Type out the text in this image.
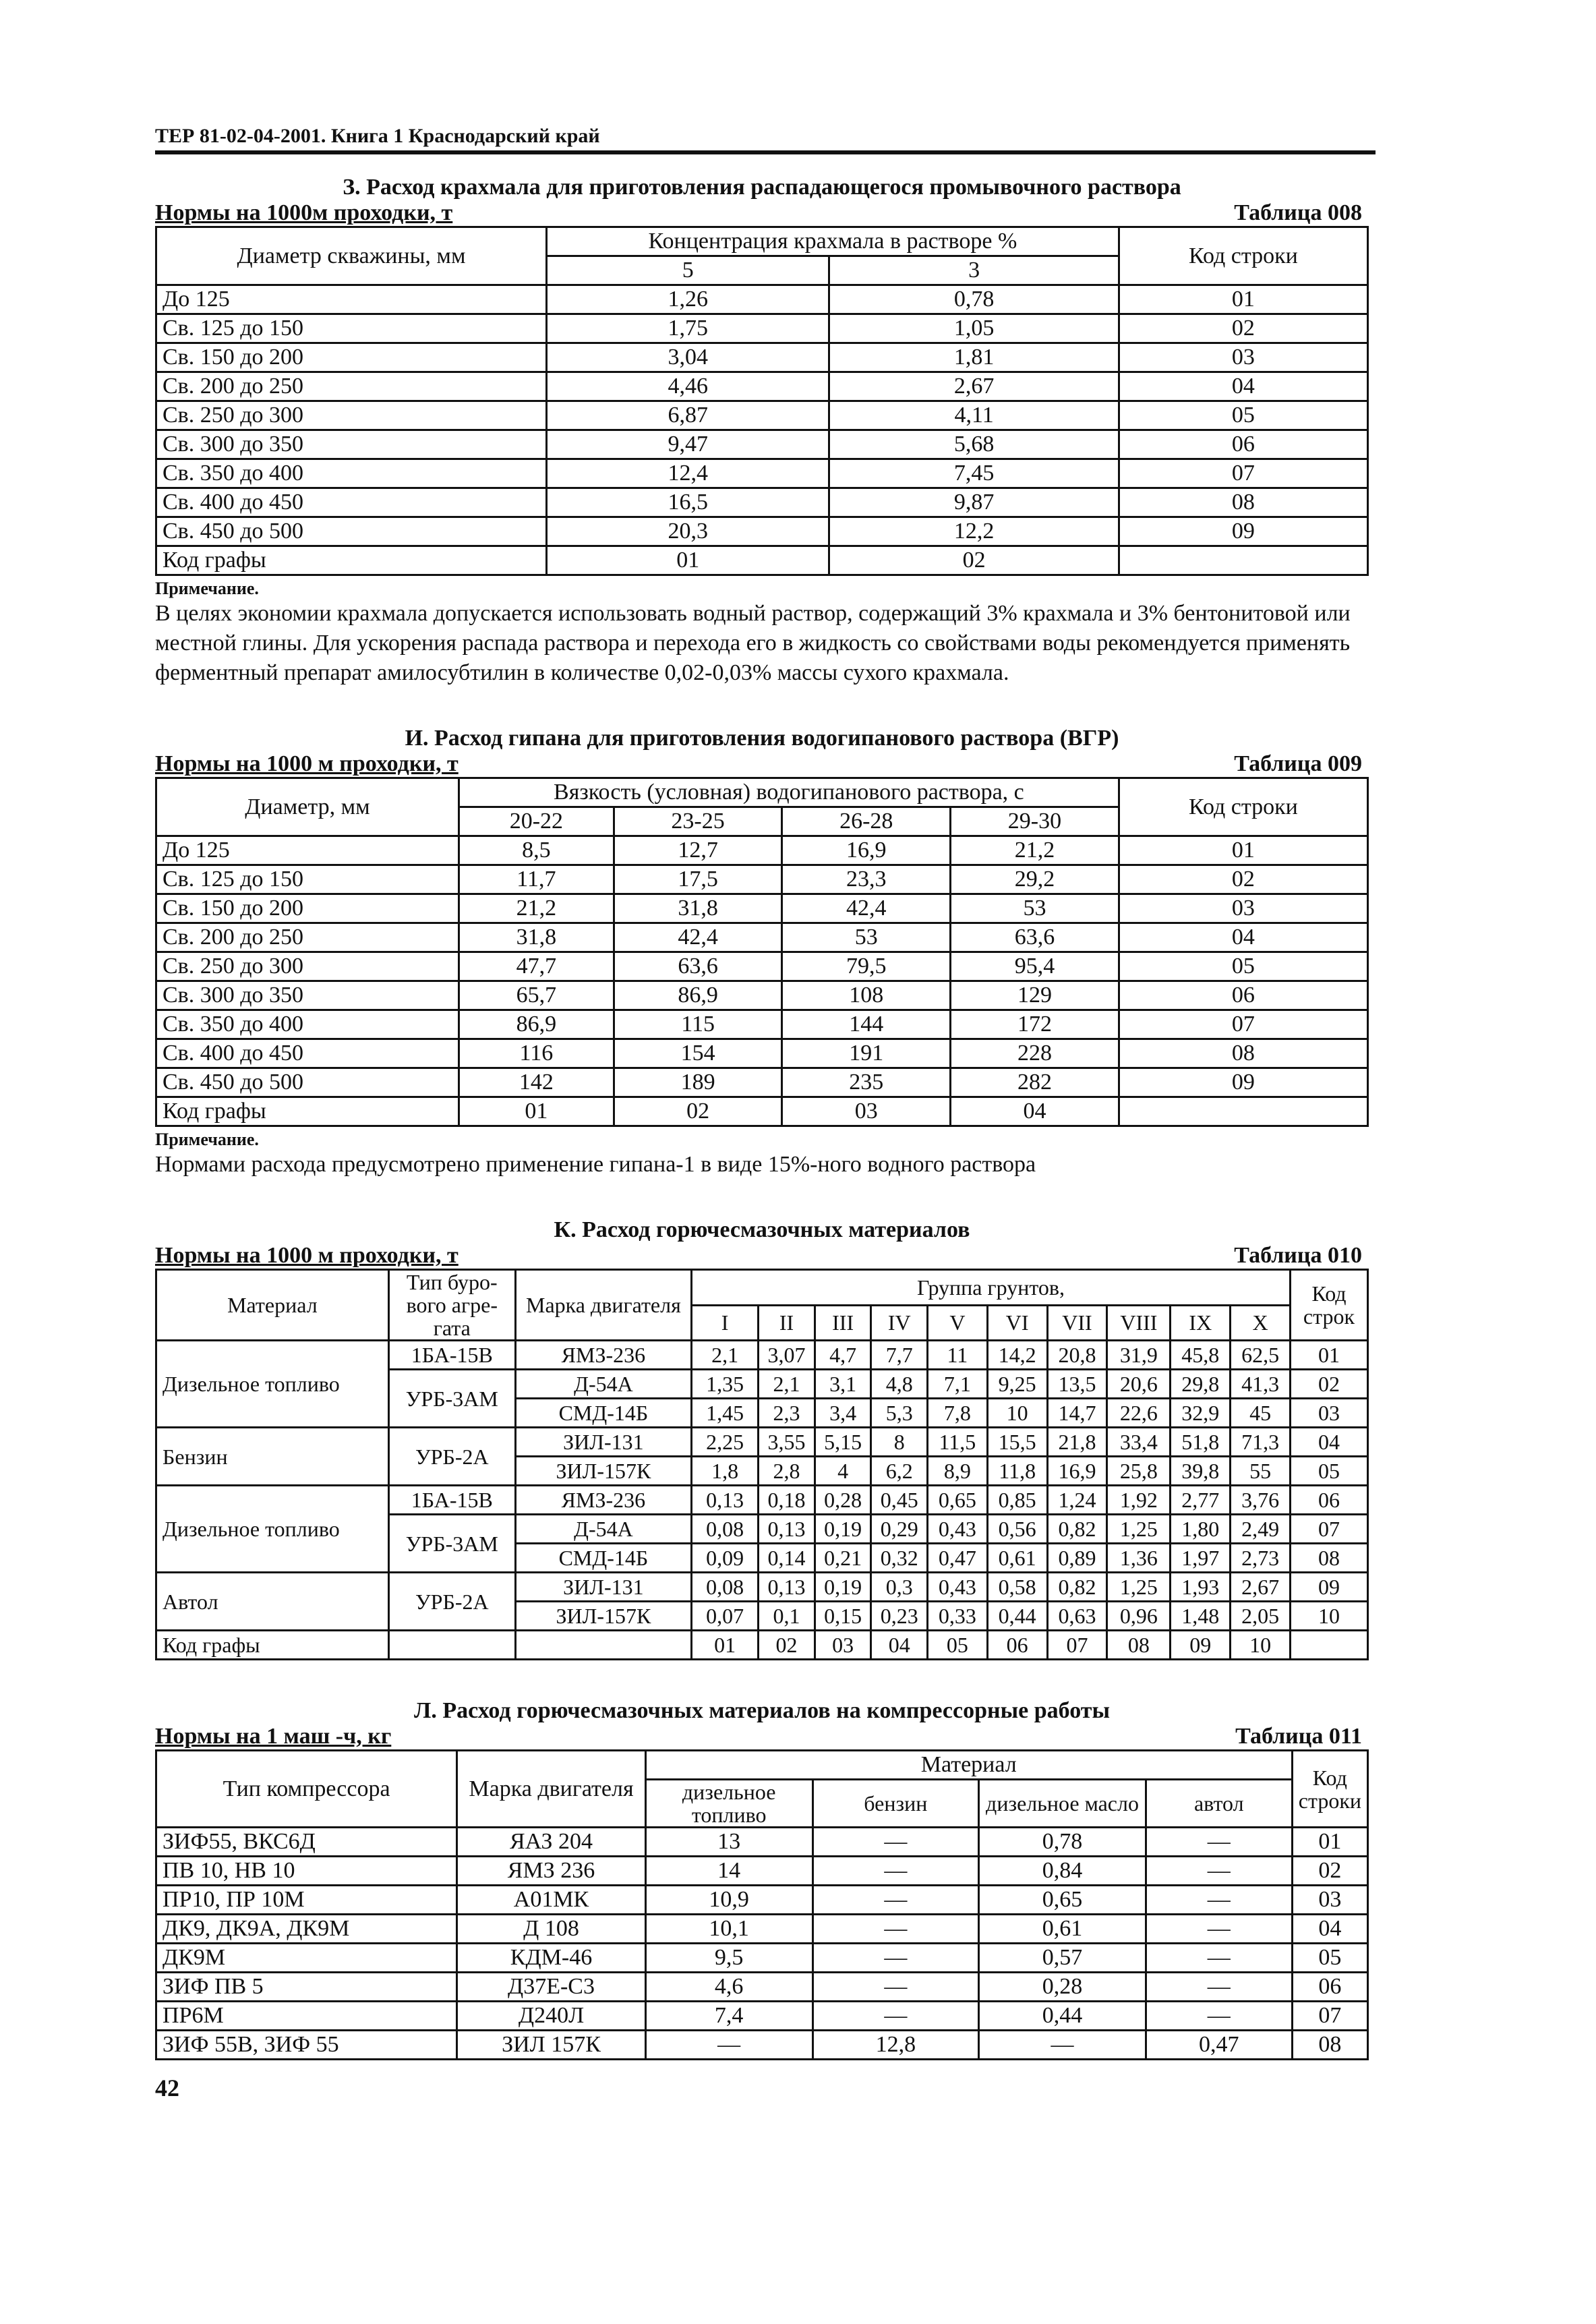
ТЕР 81-02-04-2001. Книга 1 Краснодарский край

З. Расход крахмала для приготовления распадающегося промывочного раствора

Нормы на 1000м проходки, т	Таблица 008
Диаметр скважины, мм	Концентрация крахмала в растворе %		Код строки
	5	3	
До 125	1,26	0,78	01
Св. 125 до 150	1,75	1,05	02
Св. 150 до 200	3,04	1,81	03
Св. 200 до 250	4,46	2,67	04
Св. 250 до 300	6,87	4,11	05
Св. 300 до 350	9,47	5,68	06
Св. 350 до 400	12,4	7,45	07
Св. 400 до 450	16,5	9,87	08
Св. 450 до 500	20,3	12,2	09
Код графы	01	02	
Примечание.
В целях экономии крахмала допускается использовать водный раствор, содержащий 3% крахмала и 3% бентонитовой или местной глины. Для ускорения распада раствора и перехода его в жидкость со свойствами воды рекомендуется применять ферментный препарат амилосубтилин в количестве 0,02-0,03% массы сухого крахмала.

И. Расход гипана для приготовления водогипанового раствора (ВГР)

Нормы на 1000 м проходки, т	Таблица 009
Диаметр, мм	Вязкость (условная) водогипанового раствора, с				Код строки
	20-22	23-25	26-28	29-30	
До 125	8,5	12,7	16,9	21,2	01
Св. 125 до 150	11,7	17,5	23,3	29,2	02
Св. 150 до 200	21,2	31,8	42,4	53	03
Св. 200 до 250	31,8	42,4	53	63,6	04
Св. 250 до 300	47,7	63,6	79,5	95,4	05
Св. 300 до 350	65,7	86,9	108	129	06
Св. 350 до 400	86,9	115	144	172	07
Св. 400 до 450	116	154	191	228	08
Св. 450 до 500	142	189	235	282	09
Код графы	01	02	03	04	
Примечание.
Нормами расхода предусмотрено применение гипана-1 в виде 15%-ного водного раствора

К. Расход горючесмазочных материалов

Нормы на 1000 м проходки, т	Таблица 010
Материал	Тип буро-вого агре-гата	Марка двигателя	Группа грунтов,										Код строк
			I	II	III	IV	V	VI	VII	VIII	IX	X	
Дизельное топливо	1БА-15В	ЯМЗ-236	2,1	3,07	4,7	7,7	11	14,2	20,8	31,9	45,8	62,5	01
	УРБ-3АМ	Д-54А	1,35	2,1	3,1	4,8	7,1	9,25	13,5	20,6	29,8	41,3	02
		СМД-14Б	1,45	2,3	3,4	5,3	7,8	10	14,7	22,6	32,9	45	03
Бензин	УРБ-2А	ЗИЛ-131	2,25	3,55	5,15	8	11,5	15,5	21,8	33,4	51,8	71,3	04
		ЗИЛ-157К	1,8	2,8	4	6,2	8,9	11,8	16,9	25,8	39,8	55	05
Дизельное топливо	1БА-15В	ЯМЗ-236	0,13	0,18	0,28	0,45	0,65	0,85	1,24	1,92	2,77	3,76	06
	УРБ-3АМ	Д-54А	0,08	0,13	0,19	0,29	0,43	0,56	0,82	1,25	1,80	2,49	07
		СМД-14Б	0,09	0,14	0,21	0,32	0,47	0,61	0,89	1,36	1,97	2,73	08
Автол	УРБ-2А	ЗИЛ-131	0,08	0,13	0,19	0,3	0,43	0,58	0,82	1,25	1,93	2,67	09
		ЗИЛ-157К	0,07	0,1	0,15	0,23	0,33	0,44	0,63	0,96	1,48	2,05	10
Код графы			01	02	03	04	05	06	07	08	09	10	

Л. Расход горючесмазочных материалов на компрессорные работы

Нормы на 1 маш -ч, кг	Таблица 011
Тип компрессора	Марка двигателя	Материал				Код строки
		дизельное топливо	бензин	дизельное масло	автол	
ЗИФ55, ВКС6Д	ЯАЗ 204	13	—	0,78	—	01
ПВ 10, НВ 10	ЯМЗ 236	14	—	0,84	—	02
ПР10, ПР 10М	А01МК	10,9	—	0,65	—	03
ДК9, ДК9А, ДК9М	Д 108	10,1	—	0,61	—	04
ДК9М	КДМ-46	9,5	—	0,57	—	05
ЗИФ ПВ 5	Д37Е-С3	4,6	—	0,28	—	06
ПР6М	Д240Л	7,4	—	0,44	—	07
ЗИФ 55В, ЗИФ 55	ЗИЛ 157К	—	12,8	—	0,47	08
42
